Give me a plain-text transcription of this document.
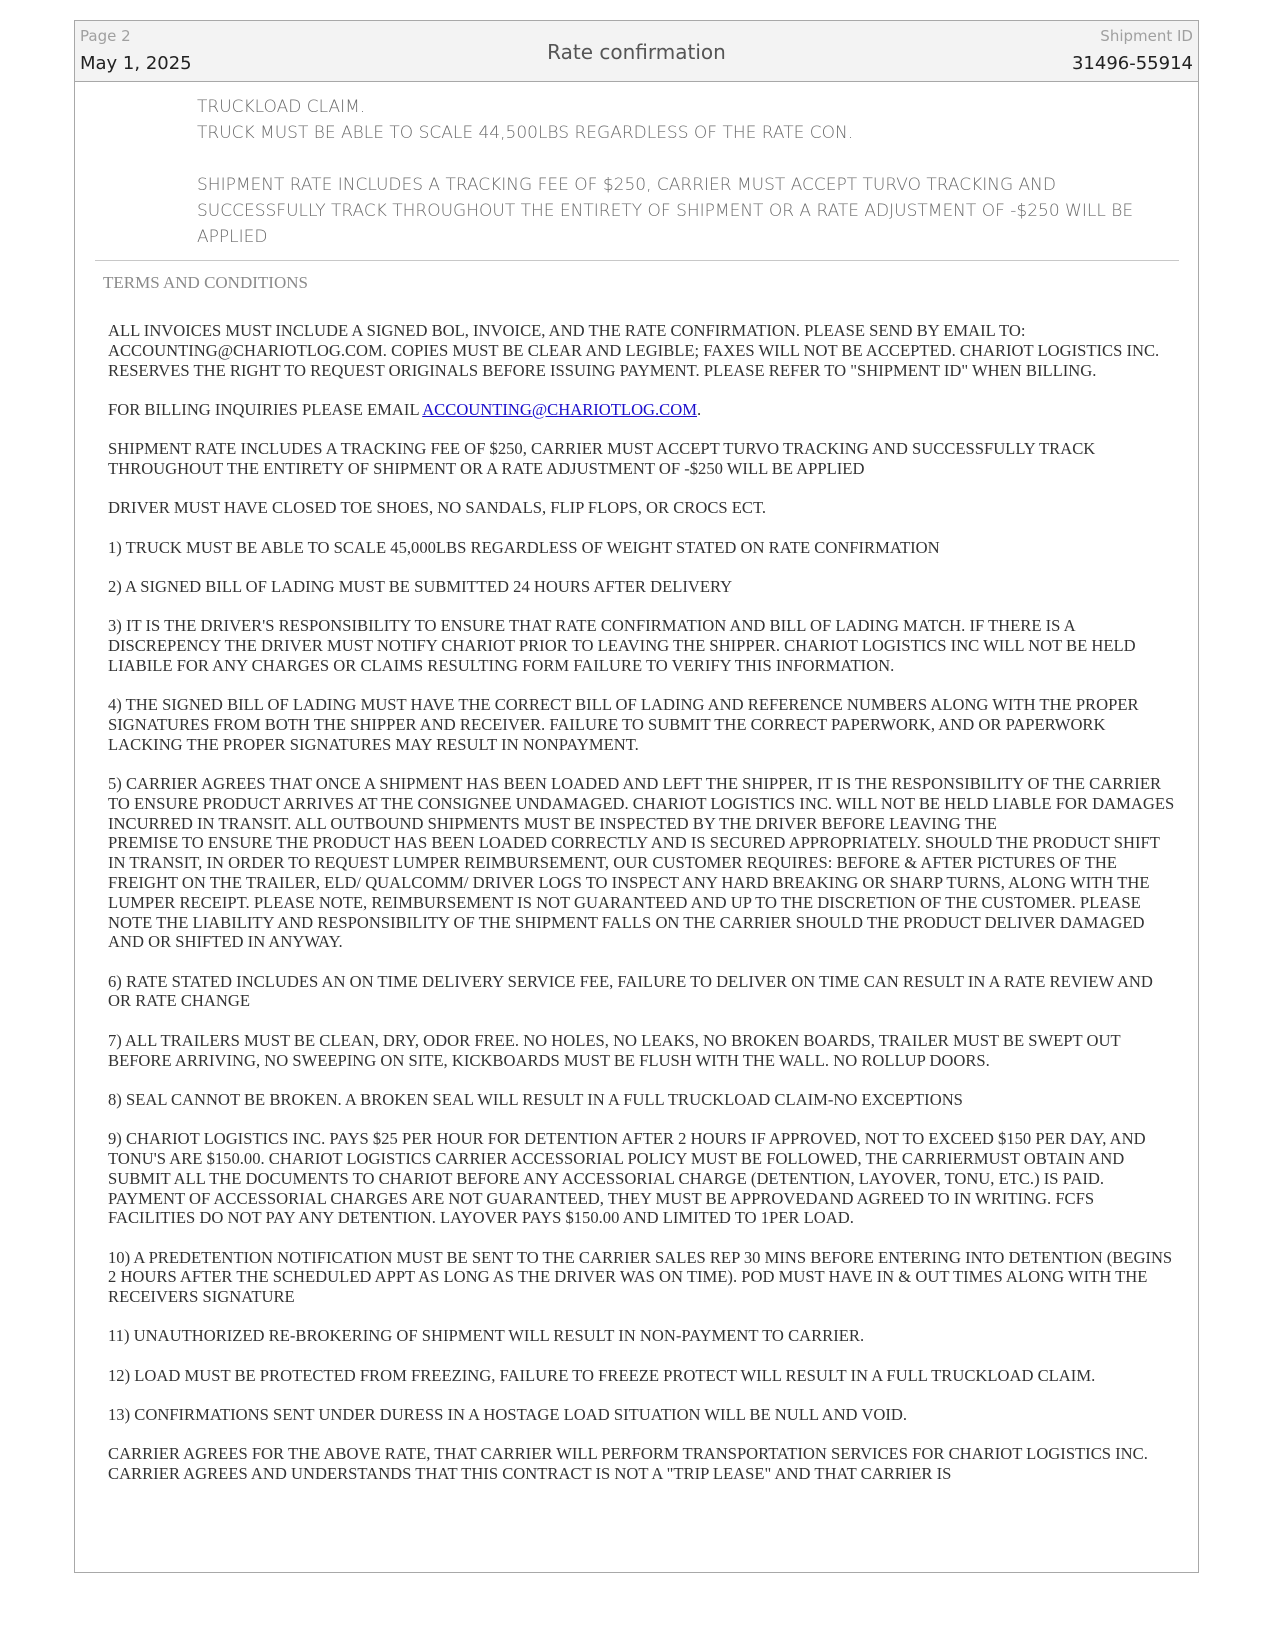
Page 2
May 1, 2025	Rate confirmation
Shipment ID
31496-55914

TRUCKLOAD CLAIM.

TRUCK MUST BE ABLE TO SCALE 44,500LBS REGARDLESS OF THE RATE CON.

SHIPMENT RATE INCLUDES A TRACKING FEE OF $250, CARRIER MUST ACCEPT TURVO TRACKING AND SUCCESSFULLY TRACK THROUGHOUT THE ENTIRETY OF SHIPMENT OR A RATE ADJUSTMENT OF -$250 WILL BE APPLIED

TERMS AND CONDITIONS

ALL INVOICES MUST INCLUDE A SIGNED BOL, INVOICE, AND THE RATE CONFIRMATION. PLEASE SEND BY EMAIL TO: ACCOUNTING@CHARIOTLOG.COM. COPIES MUST BE CLEAR AND LEGIBLE; FAXES WILL NOT BE ACCEPTED. CHARIOT LOGISTICS INC. RESERVES THE RIGHT TO REQUEST ORIGINALS BEFORE ISSUING PAYMENT. PLEASE REFER TO "SHIPMENT ID" WHEN BILLING.

FOR BILLING INQUIRIES PLEASE EMAIL ACCOUNTING@CHARIOTLOG.COM.

SHIPMENT RATE INCLUDES A TRACKING FEE OF $250, CARRIER MUST ACCEPT TURVO TRACKING AND SUCCESSFULLY TRACK THROUGHOUT THE ENTIRETY OF SHIPMENT OR A RATE ADJUSTMENT OF -$250 WILL BE APPLIED

DRIVER MUST HAVE CLOSED TOE SHOES, NO SANDALS, FLIP FLOPS, OR CROCS ECT.

1) TRUCK MUST BE ABLE TO SCALE 45,000LBS REGARDLESS OF WEIGHT STATED ON RATE CONFIRMATION

2) A SIGNED BILL OF LADING MUST BE SUBMITTED 24 HOURS AFTER DELIVERY

3) IT IS THE DRIVER'S RESPONSIBILITY TO ENSURE THAT RATE CONFIRMATION AND BILL OF LADING MATCH. IF THERE IS A DISCREPENCY THE DRIVER MUST NOTIFY CHARIOT PRIOR TO LEAVING THE SHIPPER. CHARIOT LOGISTICS INC WILL NOT BE HELD LIABILE FOR ANY CHARGES OR CLAIMS RESULTING FORM FAILURE TO VERIFY THIS INFORMATION.

4) THE SIGNED BILL OF LADING MUST HAVE THE CORRECT BILL OF LADING AND REFERENCE NUMBERS ALONG WITH THE PROPER SIGNATURES FROM BOTH THE SHIPPER AND RECEIVER. FAILURE TO SUBMIT THE CORRECT PAPERWORK, AND OR PAPERWORK LACKING THE PROPER SIGNATURES MAY RESULT IN NONPAYMENT.

5) CARRIER AGREES THAT ONCE A SHIPMENT HAS BEEN LOADED AND LEFT THE SHIPPER, IT IS THE RESPONSIBILITY OF THE CARRIER TO ENSURE PRODUCT ARRIVES AT THE CONSIGNEE UNDAMAGED. CHARIOT LOGISTICS INC. WILL NOT BE HELD LIABLE FOR DAMAGES INCURRED IN TRANSIT. ALL OUTBOUND SHIPMENTS MUST BE INSPECTED BY THE DRIVER BEFORE LEAVING THE
PREMISE TO ENSURE THE PRODUCT HAS BEEN LOADED CORRECTLY AND IS SECURED APPROPRIATELY. SHOULD THE PRODUCT SHIFT IN TRANSIT, IN ORDER TO REQUEST LUMPER REIMBURSEMENT, OUR CUSTOMER REQUIRES: BEFORE & AFTER PICTURES OF THE FREIGHT ON THE TRAILER, ELD/ QUALCOMM/ DRIVER LOGS TO INSPECT ANY HARD BREAKING OR SHARP TURNS, ALONG WITH THE LUMPER RECEIPT. PLEASE NOTE, REIMBURSEMENT IS NOT GUARANTEED AND UP TO THE DISCRETION OF THE CUSTOMER. PLEASE NOTE THE LIABILITY AND RESPONSIBILITY OF THE SHIPMENT FALLS ON THE CARRIER SHOULD THE PRODUCT DELIVER DAMAGED AND OR SHIFTED IN ANYWAY.

6) RATE STATED INCLUDES AN ON TIME DELIVERY SERVICE FEE, FAILURE TO DELIVER ON TIME CAN RESULT IN A RATE REVIEW AND OR RATE CHANGE

7) ALL TRAILERS MUST BE CLEAN, DRY, ODOR FREE. NO HOLES, NO LEAKS, NO BROKEN BOARDS, TRAILER MUST BE SWEPT OUT BEFORE ARRIVING, NO SWEEPING ON SITE, KICKBOARDS MUST BE FLUSH WITH THE WALL. NO ROLLUP DOORS.

8) SEAL CANNOT BE BROKEN. A BROKEN SEAL WILL RESULT IN A FULL TRUCKLOAD CLAIM-NO EXCEPTIONS

9) CHARIOT LOGISTICS INC. PAYS $25 PER HOUR FOR DETENTION AFTER 2 HOURS IF APPROVED, NOT TO EXCEED $150 PER DAY, AND TONU'S ARE $150.00. CHARIOT LOGISTICS CARRIER ACCESSORIAL POLICY MUST BE FOLLOWED, THE CARRIERMUST OBTAIN AND SUBMIT ALL THE DOCUMENTS TO CHARIOT BEFORE ANY ACCESSORIAL CHARGE (DETENTION, LAYOVER, TONU, ETC.) IS PAID. PAYMENT OF ACCESSORIAL CHARGES ARE NOT GUARANTEED, THEY MUST BE APPROVEDAND AGREED TO IN WRITING. FCFS FACILITIES DO NOT PAY ANY DETENTION. LAYOVER PAYS $150.00 AND LIMITED TO 1PER LOAD.

10) A PREDETENTION NOTIFICATION MUST BE SENT TO THE CARRIER SALES REP 30 MINS BEFORE ENTERING INTO DETENTION (BEGINS 2 HOURS AFTER THE SCHEDULED APPT AS LONG AS THE DRIVER WAS ON TIME). POD MUST HAVE IN & OUT TIMES ALONG WITH THE RECEIVERS SIGNATURE

11) UNAUTHORIZED RE-BROKERING OF SHIPMENT WILL RESULT IN NON-PAYMENT TO CARRIER.

12) LOAD MUST BE PROTECTED FROM FREEZING, FAILURE TO FREEZE PROTECT WILL RESULT IN A FULL TRUCKLOAD CLAIM.

13) CONFIRMATIONS SENT UNDER DURESS IN A HOSTAGE LOAD SITUATION WILL BE NULL AND VOID.

CARRIER AGREES FOR THE ABOVE RATE, THAT CARRIER WILL PERFORM TRANSPORTATION SERVICES FOR CHARIOT LOGISTICS INC. CARRIER AGREES AND UNDERSTANDS THAT THIS CONTRACT IS NOT A "TRIP LEASE" AND THAT CARRIER IS
